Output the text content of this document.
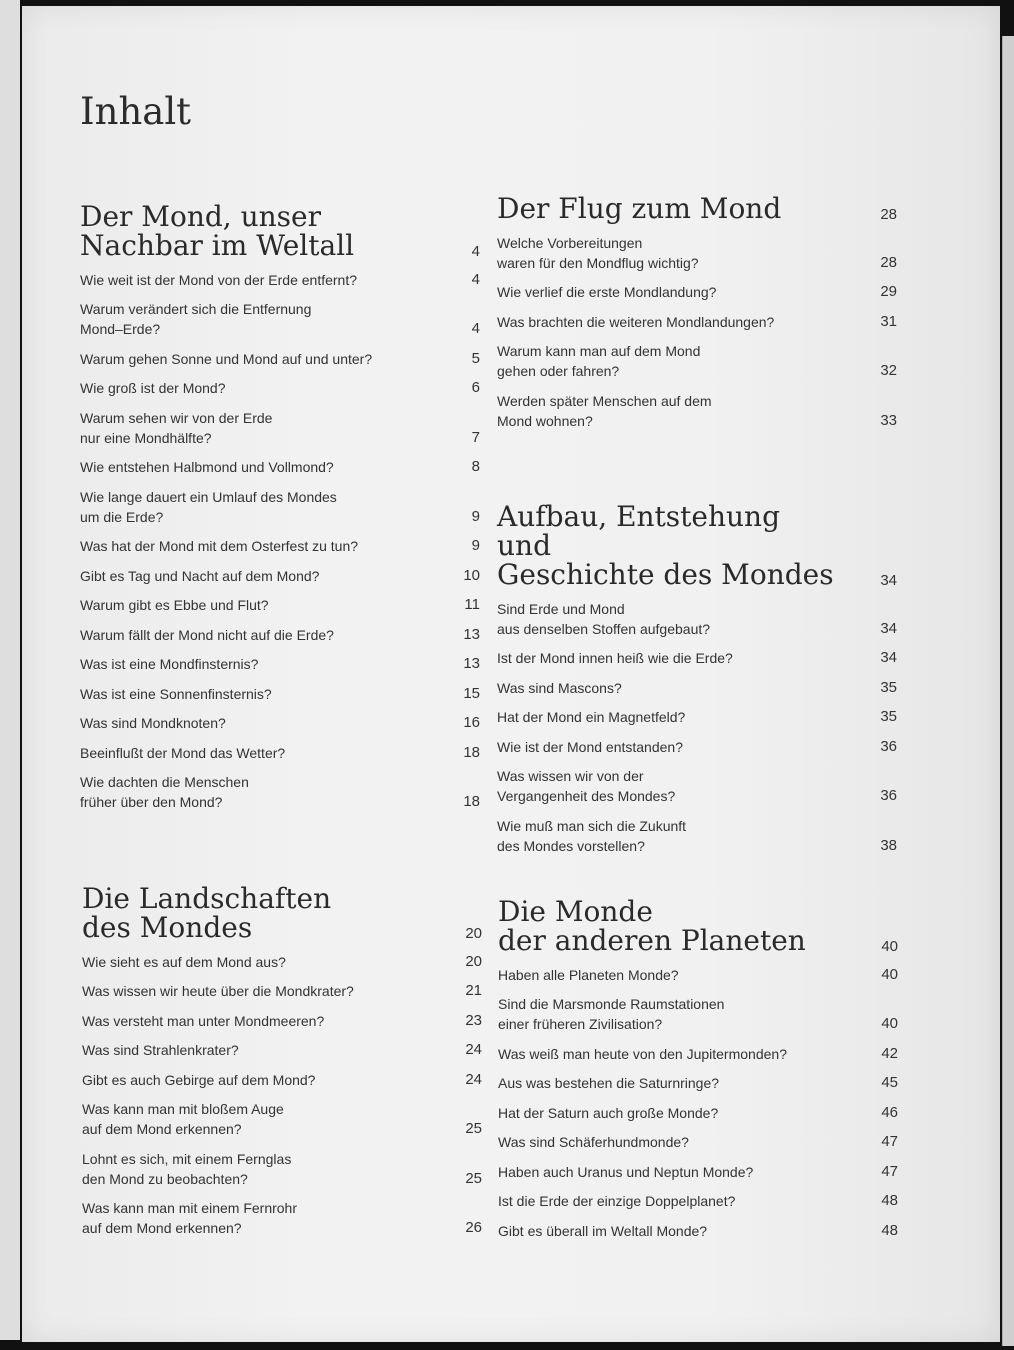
Inhalt
Der Mond, unser
Nachbar im Weltall	4
Wie weit ist der Mond von der Erde entfernt?	4
Warum verändert sich die Entfernung
Mond–Erde?	4
Warum gehen Sonne und Mond auf und unter?	5
Wie groß ist der Mond?	6
Warum sehen wir von der Erde
nur eine Mondhälfte?	7
Wie entstehen Halbmond und Vollmond?	8
Wie lange dauert ein Umlauf des Mondes
um die Erde?	9
Was hat der Mond mit dem Osterfest zu tun?	9
Gibt es Tag und Nacht auf dem Mond?	10
Warum gibt es Ebbe und Flut?	11
Warum fällt der Mond nicht auf die Erde?	13
Was ist eine Mondfinsternis?	13
Was ist eine Sonnenfinsternis?	15
Was sind Mondknoten?	16
Beeinflußt der Mond das Wetter?	18
Wie dachten die Menschen
früher über den Mond?	18
Die Landschaften
des Mondes	20
Wie sieht es auf dem Mond aus?	20
Was wissen wir heute über die Mondkrater?	21
Was versteht man unter Mondmeeren?	23
Was sind Strahlenkrater?	24
Gibt es auch Gebirge auf dem Mond?	24
Was kann man mit bloßem Auge
auf dem Mond erkennen?	25
Lohnt es sich, mit einem Fernglas
den Mond zu beobachten?	25
Was kann man mit einem Fernrohr
auf dem Mond erkennen?	26
Der Flug zum Mond	28
Welche Vorbereitungen
waren für den Mondflug wichtig?	28
Wie verlief die erste Mondlandung?	29
Was brachten die weiteren Mondlandungen?	31
Warum kann man auf dem Mond
gehen oder fahren?	32
Werden später Menschen auf dem
Mond wohnen?	33
Aufbau, Entstehung und
Geschichte des Mondes	34
Sind Erde und Mond
aus denselben Stoffen aufgebaut?	34
Ist der Mond innen heiß wie die Erde?	34
Was sind Mascons?	35
Hat der Mond ein Magnetfeld?	35
Wie ist der Mond entstanden?	36
Was wissen wir von der
Vergangenheit des Mondes?	36
Wie muß man sich die Zukunft
des Mondes vorstellen?	38
Die Monde
der anderen Planeten	40
Haben alle Planeten Monde?	40
Sind die Marsmonde Raumstationen
einer früheren Zivilisation?	40
Was weiß man heute von den Jupitermonden?	42
Aus was bestehen die Saturnringe?	45
Hat der Saturn auch große Monde?	46
Was sind Schäferhundmonde?	47
Haben auch Uranus und Neptun Monde?	47
Ist die Erde der einzige Doppelplanet?	48
Gibt es überall im Weltall Monde?	48
